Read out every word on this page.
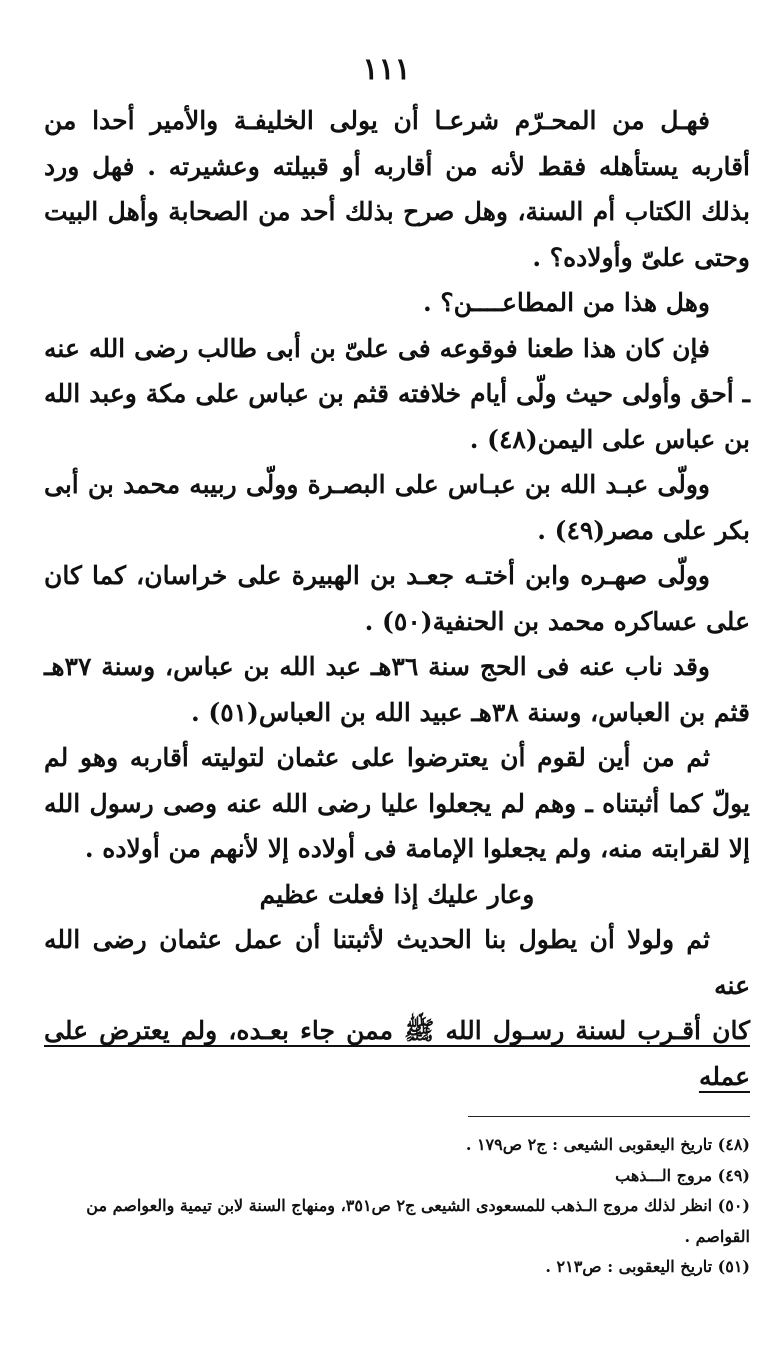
١١١

فهـل من المحـرّم شرعـا أن يولى الخليفـة والأمير أحدا من أقاربه يستأهله فقط لأنه من أقاربه أو قبيلته وعشيرته . فهل ورد بذلك الكتاب أم السنة، وهل صرح بذلك أحد من الصحابة وأهل البيت وحتى علىّ وأولاده؟ .

وهل هذا من المطاعــــن؟ .

فإن كان هذا طعنا فوقوعه فى علىّ بن أبى طالب رضى الله عنه ـ أحق وأولى حيث ولّى أيام خلافته قثم بن عباس على مكة وعبد الله بن عباس على اليمن(٤٨) .

وولّى عبـد الله بن عبـاس على البصـرة وولّى ربيبه محمد بن أبى بكر على مصر(٤٩) .

وولّى صهـره وابن أختـه جعـد بن الهبيرة على خراسان، كما كان على عساكره محمد بن الحنفية(٥٠) .

وقد ناب عنه فى الحج سنة ٣٦هـ عبد الله بن عباس، وسنة ٣٧هـ قثم بن العباس، وسنة ٣٨هـ عبيد الله بن العباس(٥١) .

ثم من أين لقوم أن يعترضوا على عثمان لتوليته أقاربه وهو لم يولّ كما أثبتناه ـ وهم لم يجعلوا عليا رضى الله عنه وصى رسول الله إلا لقرابته منه، ولم يجعلوا الإمامة فى أولاده إلا لأنهم من أولاده .

وعار عليك إذا فعلت عظيم

ثم ولولا أن يطول بنا الحديث لأثبتنا أن عمل عثمان رضى الله عنه

كان أقـرب لسنة رسـول الله ﷺ ممن جاء بعـده، ولم يعترض على عمله

(٤٨) تاريخ اليعقوبى الشيعى : ج٢ ص١٧٩ .

(٤٩) مروج الـــذهب

(٥٠) انظر لذلك مروج الـذهب للمسعودى الشيعى ج٢ ص٣٥١، ومنهاج السنة لابن تيمية والعواصم من القواصم .

(٥١) تاريخ اليعقوبى : ص٢١٣ .
